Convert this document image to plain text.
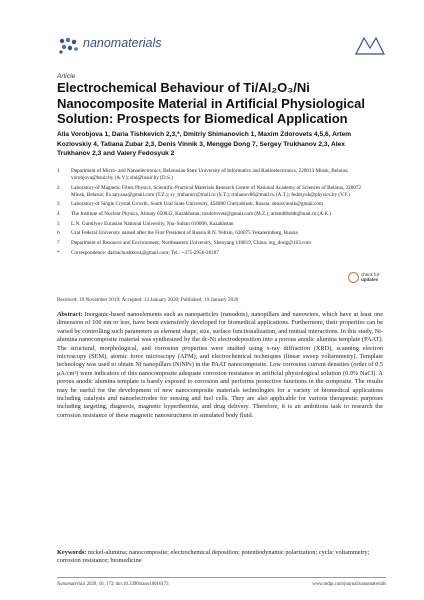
nanomaterials
Article
Electrochemical Behaviour of Ti/Al₂O₃/Ni Nanocomposite Material in Artificial Physiological Solution: Prospects for Biomedical Application
Alla Vorobjova 1, Daria Tishkevich 2,3,*, Dmitriy Shimanovich 1, Maxim Zdorovets 4,5,6, Artem Kozlovskiy 4, Tatiana Zubar 2,3, Denis Vinnik 3, Mengge Dong 7, Sergey Trukhanov 2,3, Alex Trukhanov 2,3 and Valery Fedosyuk 2
1 Department of Micro- and Nanoelectronics, Belarusian State University of Informatics and Radioelectronics, 220013 Minsk, Belarus; vorobjova@bsuir.by (A.V.); shd@bsuir.by (D.S.)
2 Laboratory of Magnetic Films Physics, Scientific-Practical Materials Research Centre of National Academy of Sciences of Belarus, 220072 Minsk, Belarus; fix.tatyana@gmail.com (T.Z.); sv_truhanov@mail.ru (S.T.); truhanov86@mail.ru (A.T.); fedosyuk@physics.by (V.F.)
3 Laboratory of Single Crystal Growth, South Ural State University, 454080 Chelyabinsk, Russia; denisvinnik@gmail.com
4 The Institute of Nuclear Physics, Almaty 050032, Kazakhstan; mzdorovets@gmail.com (M.Z.); artem88sddt@mail.ru (A.K.)
5 L.N. Gumilyov Eurasian National University, Nur-Sultan 010008, Kazakhstan
6 Ural Federal University named after the First President of Russia B.N. Yeltsin, 620075 Yekaterinburg, Russia
7 Department of Resource and Environment, Northeastern University, Shenyang 110819, China; mg_dong@163.com
* Correspondence: dashachushkova@gmail.com; Tel.: +375-2956-28187
check for
updates
Received: 19 November 2019; Accepted: 13 January 2020; Published: 19 January 2020
Abstract: Inorganic-based nanoelements such as nanoparticles (nanodots), nanopillars and nanowires, which have at least one dimension of 100 nm or less, have been extensively developed for biomedical applications. Furthermore, their properties can be varied by controlling such parameters as element shape, size, surface functionalization, and mutual interactions. In this study, Ni-alumina nanocomposite material was synthesized by the dc-Ni electrodeposition into a porous anodic alumina template (PAAT). The structural, morphological, and corrosion properties were studied using x-ray diffraction (XRD), scanning electron microscopy (SEM), atomic force microscopy (AFM), and electrochemical techniques (linear sweep voltammetry). Template technology was used to obtain Ni nanopillars (NiNPs) in the PAAT nanocomposite. Low corrosion current densities (order of 0.5 μA/cm²) were indicators of this nanocomposite adequate corrosion resistance in artificial physiological solution (0.9% NaCl). A porous anodic alumina template is barely exposed to corrosion and performs protective functions in the composite. The results may be useful for the development of new nanocomposite materials technologies for a variety of biomedical applications including catalysis and nanoelectrodes for sensing and fuel cells. They are also applicable for various therapeutic purposes including targeting, diagnosis, magnetic hyperthermia, and drug delivery. Therefore, it is an ambitious task to research the corrosion resistance of these magnetic nanostructures in simulated body fluid.
Keywords: nickel-alumina; nanocomposite; electrochemical deposition; potentiodynamic polarization; cyclic voltammetry; corrosion resistance; biomedicine
Nanomaterials 2020, 10, 173; doi:10.3390/nano10010173	www.mdpi.com/journal/nanomaterials
